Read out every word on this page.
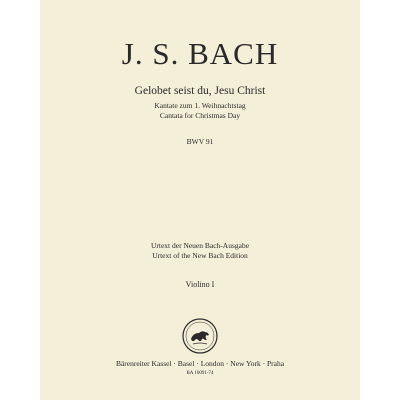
J. S. BACH
Gelobet seist du, Jesu Christ
Kantate zum 1. Weihnachtstag
Cantata for Christmas Day
BWV 91
Urtext der Neuen Bach-Ausgabe
Urtext of the New Bach Edition
Violino I
Bärenreiter Kassel · Basel · London · New York · Praha
BA 10091-74
